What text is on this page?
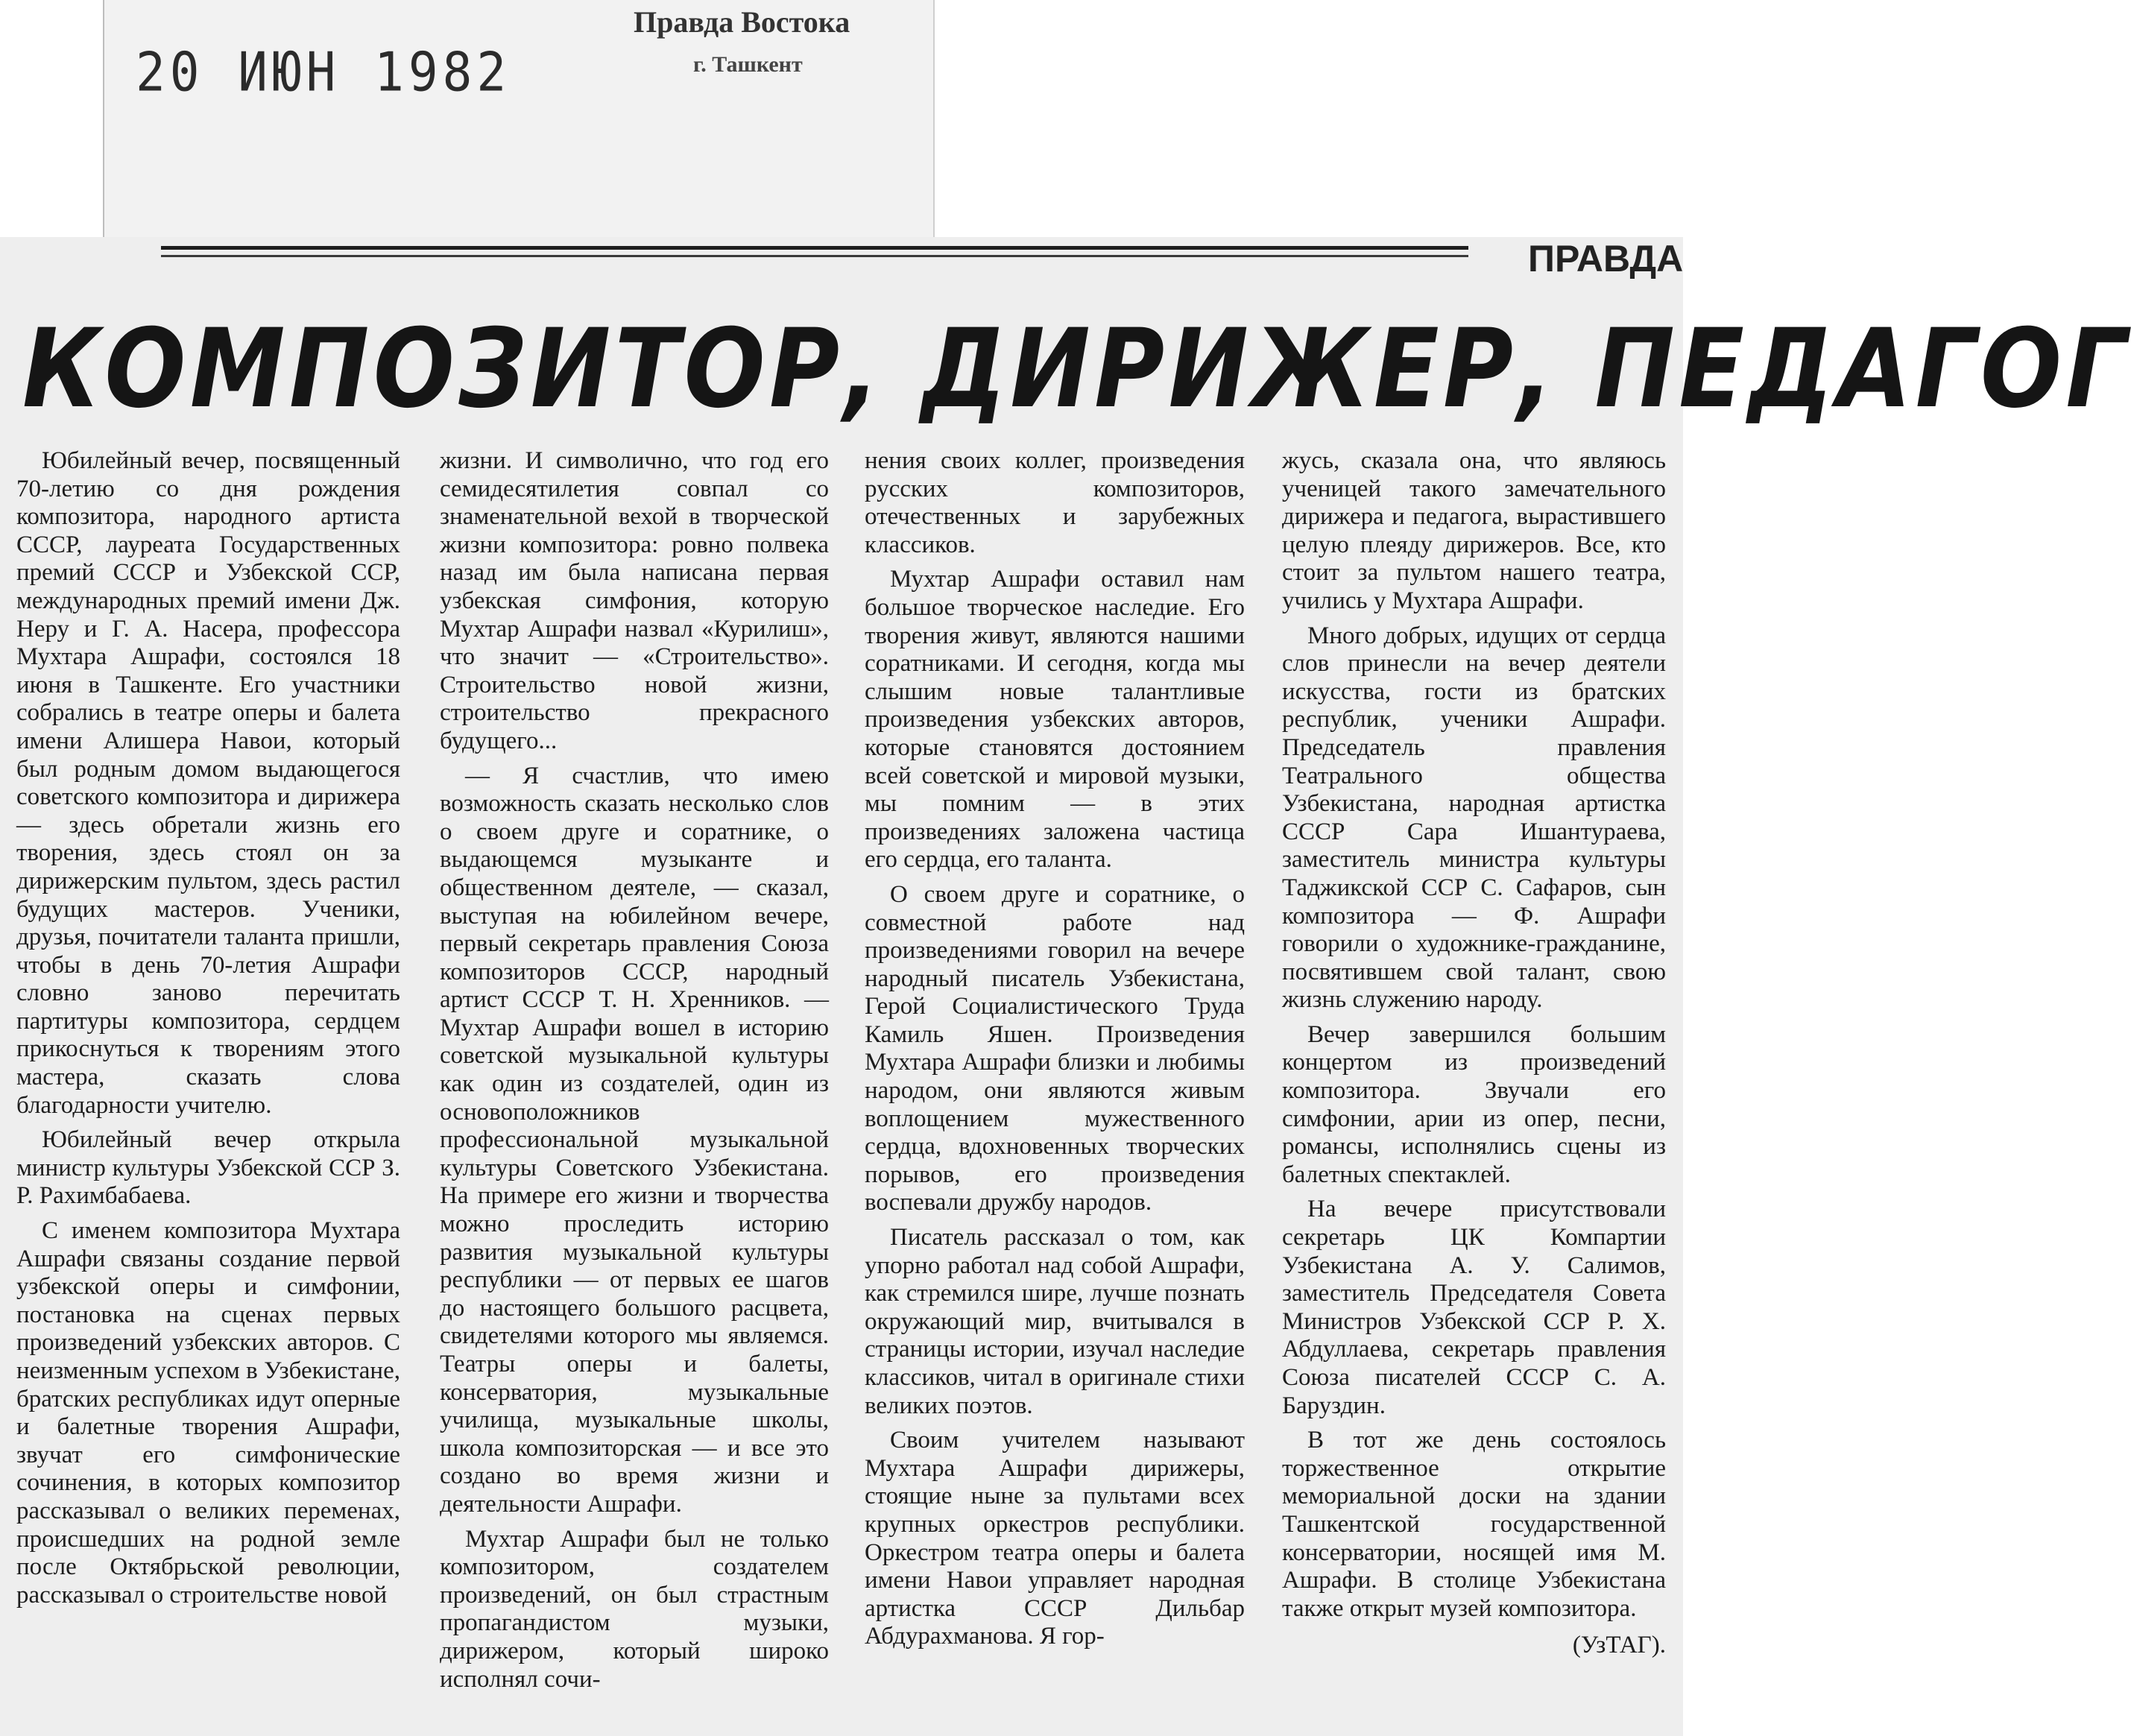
20 ИЮН 1982
Правда Востока
г. Ташкент
ПРАВДА
КОМПОЗИТОР, ДИРИЖЕР, ПЕДАГОГ

Юбилейный вечер, посвященный 70-летию со дня рождения композитора, народного артиста СССР, лауреата Государственных премий СССР и Узбекской ССР, международных премий имени Дж. Неру и Г. А. Насера, профессора Мухтара Ашрафи, состоялся 18 июня в Ташкенте. Его участники собрались в театре оперы и балета имени Алишера Навои, который был родным домом выдающегося советского композитора и дирижера — здесь обретали жизнь его творения, здесь стоял он за дирижерским пультом, здесь растил будущих мастеров. Ученики, друзья, почитатели таланта пришли, чтобы в день 70-летия Ашрафи словно заново перечитать партитуры композитора, сердцем прикоснуться к творениям этого мастера, сказать слова благодарности учителю.

Юбилейный вечер открыла министр культуры Узбекской ССР З. Р. Рахимбабаева.

С именем композитора Мухтара Ашрафи связаны создание первой узбекской оперы и симфонии, постановка на сценах первых произведений узбекских авторов. С неизменным успехом в Узбекистане, братских республиках идут оперные и балетные творения Ашрафи, звучат его симфонические сочинения, в которых композитор рассказывал о великих переменах, происшедших на родной земле после Октябрьской революции, рассказывал о строительстве новой

жизни. И символично, что год его семидесятилетия совпал со знаменательной вехой в творческой жизни композитора: ровно полвека назад им была написана первая узбекская симфония, которую Мухтар Ашрафи назвал «Курилиш», что значит — «Строительство». Строительство новой жизни, строительство прекрасного будущего...

— Я счастлив, что имею возможность сказать несколько слов о своем друге и соратнике, о выдающемся музыканте и общественном деятеле, — сказал, выступая на юбилейном вечере, первый секретарь правления Союза композиторов СССР, народный артист СССР Т. Н. Хренников. — Мухтар Ашрафи вошел в историю советской музыкальной культуры как один из создателей, один из основоположников профессиональной музыкальной культуры Советского Узбекистана. На примере его жизни и творчества можно проследить историю развития музыкальной культуры республики — от первых ее шагов до настоящего большого расцвета, свидетелями которого мы являемся. Театры оперы и балеты, консерватория, музыкальные училища, музыкальные школы, школа композиторская — и все это создано во время жизни и деятельности Ашрафи.

Мухтар Ашрафи был не только композитором, создателем произведений, он был страстным пропагандистом музыки, дирижером, который широко исполнял сочи-

нения своих коллег, произведения русских композиторов, отечественных и зарубежных классиков.

Мухтар Ашрафи оставил нам большое творческое наследие. Его творения живут, являются нашими соратниками. И сегодня, когда мы слышим новые талантливые произведения узбекских авторов, которые становятся достоянием всей советской и мировой музыки, мы помним — в этих произведениях заложена частица его сердца, его таланта.

О своем друге и соратнике, о совместной работе над произведениями говорил на вечере народный писатель Узбекистана, Герой Социалистического Труда Камиль Яшен. Произведения Мухтара Ашрафи близки и любимы народом, они являются живым воплощением мужественного сердца, вдохновенных творческих порывов, его произведения воспевали дружбу народов.

Писатель рассказал о том, как упорно работал над собой Ашрафи, как стремился шире, лучше познать окружающий мир, вчитывался в страницы истории, изучал наследие классиков, читал в оригинале стихи великих поэтов.

Своим учителем называют Мухтара Ашрафи дирижеры, стоящие ныне за пультами всех крупных оркестров республики. Оркестром театра оперы и балета имени Навои управляет народная артистка СССР Дильбар Абдурахманова. Я гор-

жусь, сказала она, что являюсь ученицей такого замечательного дирижера и педагога, вырастившего целую плеяду дирижеров. Все, кто стоит за пультом нашего театра, учились у Мухтара Ашрафи.

Много добрых, идущих от сердца слов принесли на вечер деятели искусства, гости из братских республик, ученики Ашрафи. Председатель правления Театрального общества Узбекистана, народная артистка СССР Сара Ишантураева, заместитель министра культуры Таджикской ССР С. Сафаров, сын композитора — Ф. Ашрафи говорили о художнике-гражданине, посвятившем свой талант, свою жизнь служению народу.

Вечер завершился большим концертом из произведений композитора. Звучали его симфонии, арии из опер, песни, романсы, исполнялись сцены из балетных спектаклей.

На вечере присутствовали секретарь ЦК Компартии Узбекистана А. У. Салимов, заместитель Председателя Совета Министров Узбекской ССР Р. Х. Абдуллаева, секретарь правления Союза писателей СССР С. А. Баруздин.

В тот же день состоялось торжественное открытие мемориальной доски на здании Ташкентской государственной консерватории, носящей имя М. Ашрафи. В столице Узбекистана также открыт музей композитора.

(УзТАГ).
